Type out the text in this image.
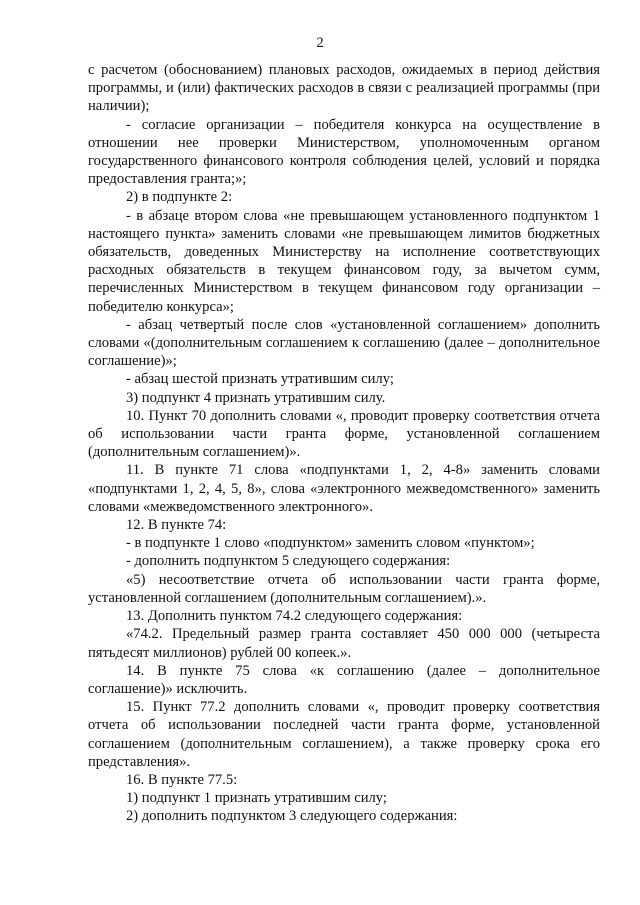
2

с расчетом (обоснованием) плановых расходов, ожидаемых в период действия программы, и (или) фактических расходов в связи с реализацией программы (при наличии);

- согласие организации – победителя конкурса на осуществление в отношении нее проверки Министерством, уполномоченным органом государственного финансового контроля соблюдения целей, условий и порядка предоставления гранта;»;

2) в подпункте 2:

- в абзаце втором слова «не превышающем установленного подпунктом 1 настоящего пункта» заменить словами «не превышающем лимитов бюджетных обязательств, доведенных Министерству на исполнение соответствующих расходных обязательств в текущем финансовом году, за вычетом сумм, перечисленных Министерством в текущем финансовом году организации – победителю конкурса»;

- абзац четвертый после слов «установленной соглашением» дополнить словами «(дополнительным соглашением к соглашению (далее – дополнительное соглашение)»;

- абзац шестой признать утратившим силу;

3) подпункт 4 признать утратившим силу.

10. Пункт 70 дополнить словами «, проводит проверку соответствия отчета об использовании части гранта форме, установленной соглашением (дополнительным соглашением)».

11. В пункте 71 слова «подпунктами 1, 2, 4-8» заменить словами «подпунктами 1, 2, 4, 5, 8», слова «электронного межведомственного» заменить словами «межведомственного электронного».

12. В пункте 74:

- в подпункте 1 слово «подпунктом» заменить словом «пунктом»;

- дополнить подпунктом 5 следующего содержания:

«5) несоответствие отчета об использовании части гранта форме, установленной соглашением (дополнительным соглашением).».

13. Дополнить пунктом 74.2 следующего содержания:

«74.2. Предельный размер гранта составляет 450 000 000 (четыреста пятьдесят миллионов) рублей 00 копеек.».

14. В пункте 75 слова «к соглашению (далее – дополнительное соглашение)» исключить.

15. Пункт 77.2 дополнить словами «, проводит проверку соответствия отчета об использовании последней части гранта форме, установленной соглашением (дополнительным соглашением), а также проверку срока его представления».

16. В пункте 77.5:

1) подпункт 1 признать утратившим силу;

2) дополнить подпунктом 3 следующего содержания:
